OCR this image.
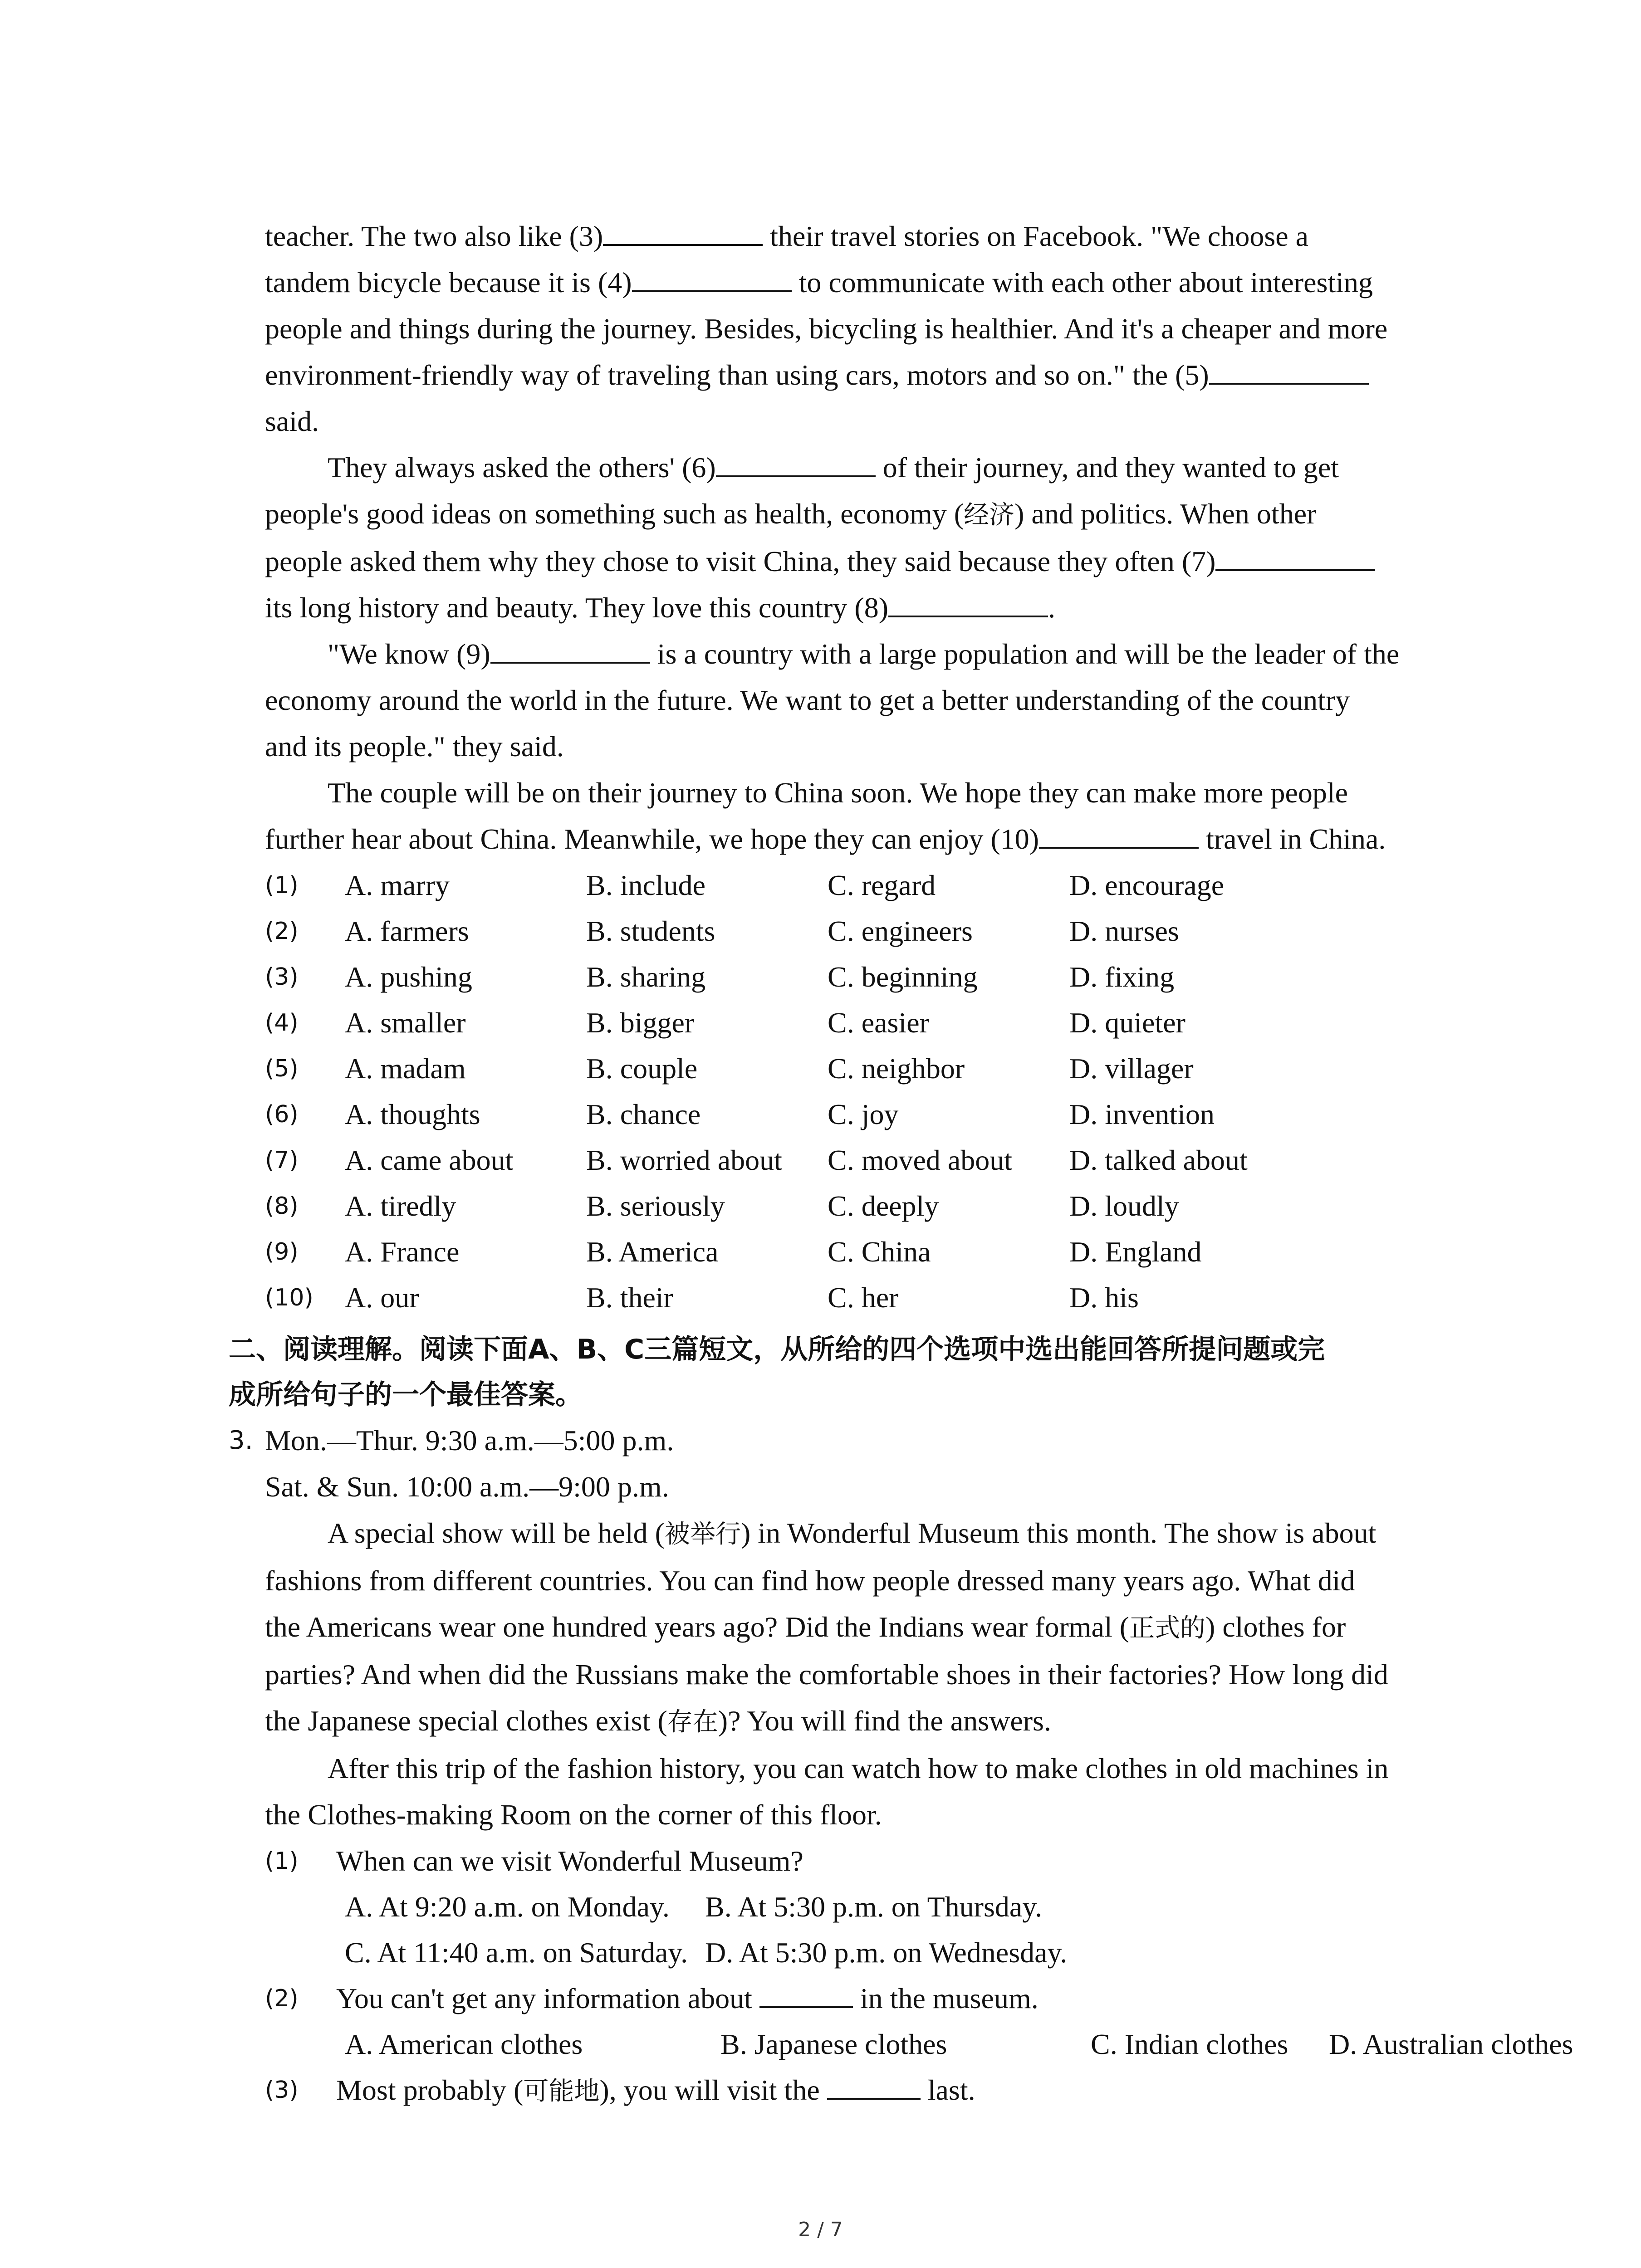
teacher. The two also like (3)	their travel stories on Facebook. "We choose a

tandem bicycle because it is (4)	to communicate with each other about interesting

people and things during the journey. Besides, bicycling is healthier. And it's a cheaper and more

environment-friendly way of traveling than using cars, motors and so on." the (5)

said.

They always asked the others' (6)	of their journey, and they wanted to get

people's good ideas on something such as health, economy (经济) and politics. When other

people asked them why they chose to visit China, they said because they often (7)

its long history and beauty. They love this country (8)	.

"We know (9)	is a country with a large population and will be the leader of the

economy around the world in the future. We want to get a better understanding of the country

and its people." they said.

The couple will be on their journey to China soon. We hope they can make more people

further hear about China. Meanwhile, we hope they can enjoy (10)	travel in China.

(1) A. marry	B. include	C. regard	D. encourage
(2) A. farmers	B. students	C. engineers	D. nurses
(3) A. pushing	B. sharing	C. beginning	D. fixing
(4) A. smaller	B. bigger	C. easier	D. quieter
(5) A. madam	B. couple	C. neighbor	D. villager
(6) A. thoughts	B. chance	C. joy	D. invention
(7) A. came about	B. worried about C. moved about D. talked about
(8) A. tiredly	B. seriously	C. deeply	D. loudly
(9) A. France	B. America	C. China	D. England
(10) A. our	B. their	C. her	D. his
二、阅读理解。阅读下面A、B、C三篇短文，从所给的四个选项中选出能回答所提问题或完
成所给句子的一个最佳答案。

3. Mon.—Thur. 9:30 a.m.—5:00 p.m.

Sat. & Sun. 10:00 a.m.—9:00 p.m.

A special show will be held (被举行) in Wonderful Museum this month. The show is about

fashions from different countries. You can find how people dressed many years ago. What did

the Americans wear one hundred years ago? Did the Indians wear formal (正式的) clothes for

parties? And when did the Russians make the comfortable shoes in their factories? How long did

the Japanese special clothes exist (存在)? You will find the answers.

After this trip of the fashion history, you can watch how to make clothes in old machines in

the Clothes-making Room on the corner of this floor.

(1) When can we visit Wonderful Museum?
A. At 9:20 a.m. on Monday. B. At 5:30 p.m. on Thursday.
C. At 11:40 a.m. on Saturday. D. At 5:30 p.m. on Wednesday.
(2) You can't get any information about	in the museum.
A. American clothes	B. Japanese clothes	C. Indian clothes D. Australian clothes
(3) Most probably (可能地), you will visit the	last.
2 / 7
